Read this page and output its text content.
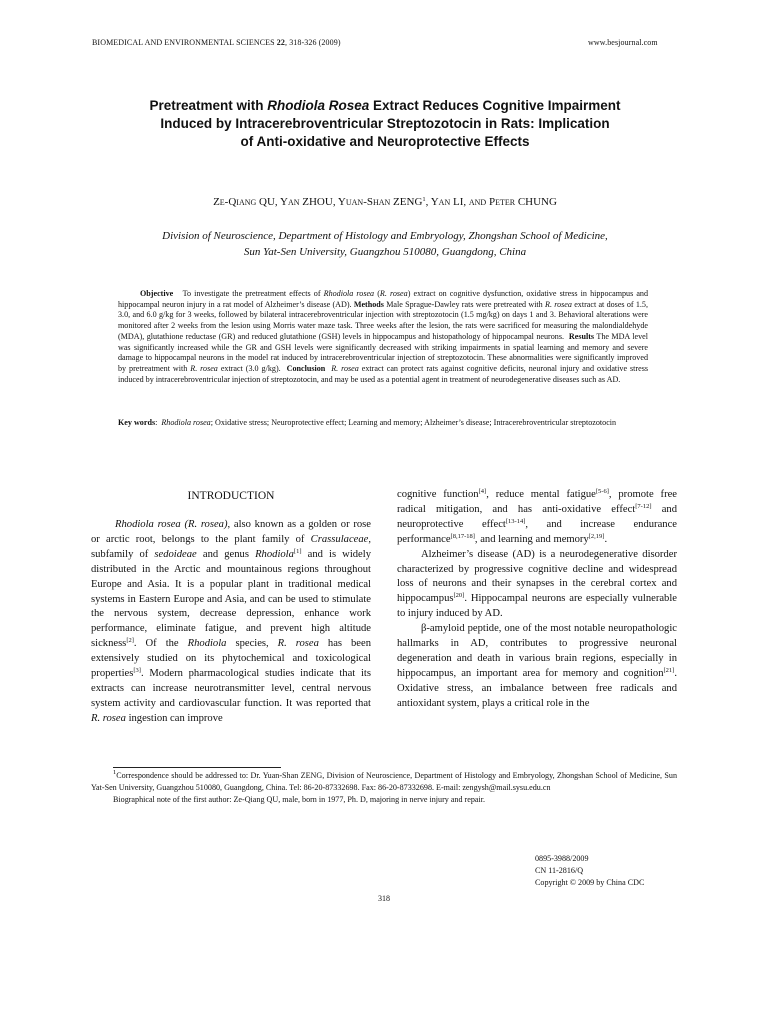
BIOMEDICAL AND ENVIRONMENTAL SCIENCES 22, 318-326 (2009)	www.besjournal.com
Pretreatment with Rhodiola Rosea Extract Reduces Cognitive Impairment
Induced by Intracerebroventricular Streptozotocin in Rats: Implication
of Anti-oxidative and Neuroprotective Effects
Ze-Qiang QU, Yan ZHOU, Yuan-Shan ZENG$^1$, Yan LI, and Peter CHUNG
Division of Neuroscience, Department of Histology and Embryology, Zhongshan School of Medicine,
Sun Yat-Sen University, Guangzhou 510080, Guangdong, China
Objective To investigate the pretreatment effects of Rhodiola rosea (R. rosea) extract on cognitive dysfunction, oxidative stress in hippocampus and hippocampal neuron injury in a rat model of Alzheimer’s disease (AD). Methods Male Sprague-Dawley rats were pretreated with R. rosea extract at doses of 1.5, 3.0, and 6.0 g/kg for 3 weeks, followed by bilateral intracerebroventricular injection with streptozotocin (1.5 mg/kg) on days 1 and 3. Behavioral alterations were monitored after 2 weeks from the lesion using Morris water maze task. Three weeks after the lesion, the rats were sacrificed for measuring the malondialdehyde (MDA), glutathione reductase (GR) and reduced glutathione (GSH) levels in hippocampus and histopathology of hippocampal neurons. Results The MDA level was significantly increased while the GR and GSH levels were significantly decreased with striking impairments in spatial learning and memory and severe damage to hippocampal neurons in the model rat induced by intracerebroventricular injection of streptozotocin. These abnormalities were significantly improved by pretreatment with R. rosea extract (3.0 g/kg). Conclusion R. rosea extract can protect rats against cognitive deficits, neuronal injury and oxidative stress induced by intracerebroventricular injection of streptozotocin, and may be used as a potential agent in treatment of neurodegenerative diseases such as AD.
Key words:	Rhodiola rosea; Oxidative stress; Neuroprotective effect; Learning and memory; Alzheimer’s disease; Intracerebroventricular streptozotocin
INTRODUCTION

Rhodiola rosea (R. rosea), also known as a golden or rose or arctic root, belongs to the plant family of Crassulaceae, subfamily of sedoideae and genus Rhodiola[1] and is widely distributed in the Arctic and mountainous regions throughout Europe and Asia. It is a popular plant in traditional medical systems in Eastern Europe and Asia, and can be used to stimulate the nervous system, decrease depression, enhance work performance, eliminate fatigue, and prevent high altitude sickness[2]. Of the Rhodiola species, R. rosea has been extensively studied on its phytochemical and toxicological properties[3]. Modern pharmacological studies indicate that its extracts can increase neurotransmitter level, central nervous system activity and cardiovascular function. It was reported that R. rosea ingestion can improve

cognitive function[4], reduce mental fatigue[5-6], promote free radical mitigation, and has anti-oxidative effect[7-12] and neuroprotective effect[13-14], and increase endurance performance[8,17-18], and learning and memory[2,19].

Alzheimer’s disease (AD) is a neurodegenerative disorder characterized by progressive cognitive decline and widespread loss of neurons and their synapses in the cerebral cortex and hippocampus[20]. Hippocampal neurons are especially vulnerable to injury induced by AD.

β-amyloid peptide, one of the most notable neuropathologic hallmarks in AD, contributes to progressive neuronal degeneration and death in various brain regions, especially in hippocampus, an important area for memory and cognition[21]. Oxidative stress, an imbalance between free radicals and antioxidant system, plays a critical role in the

$^1$Correspondence should be addressed to: Dr. Yuan-Shan ZENG, Division of Neuroscience, Department of Histology and Embryology, Zhongshan School of Medicine, Sun Yat-Sen University, Guangzhou 510080, Guangdong, China. Tel: 86-20-87332698. Fax: 86-20-87332698. E-mail: zengysh@mail.sysu.edu.cn

Biographical note of the first author: Ze-Qiang QU, male, born in 1977, Ph. D, majoring in nerve injury and repair.

0895-3988/2009
CN 11-2816/Q
Copyright © 2009 by China CDC
318
